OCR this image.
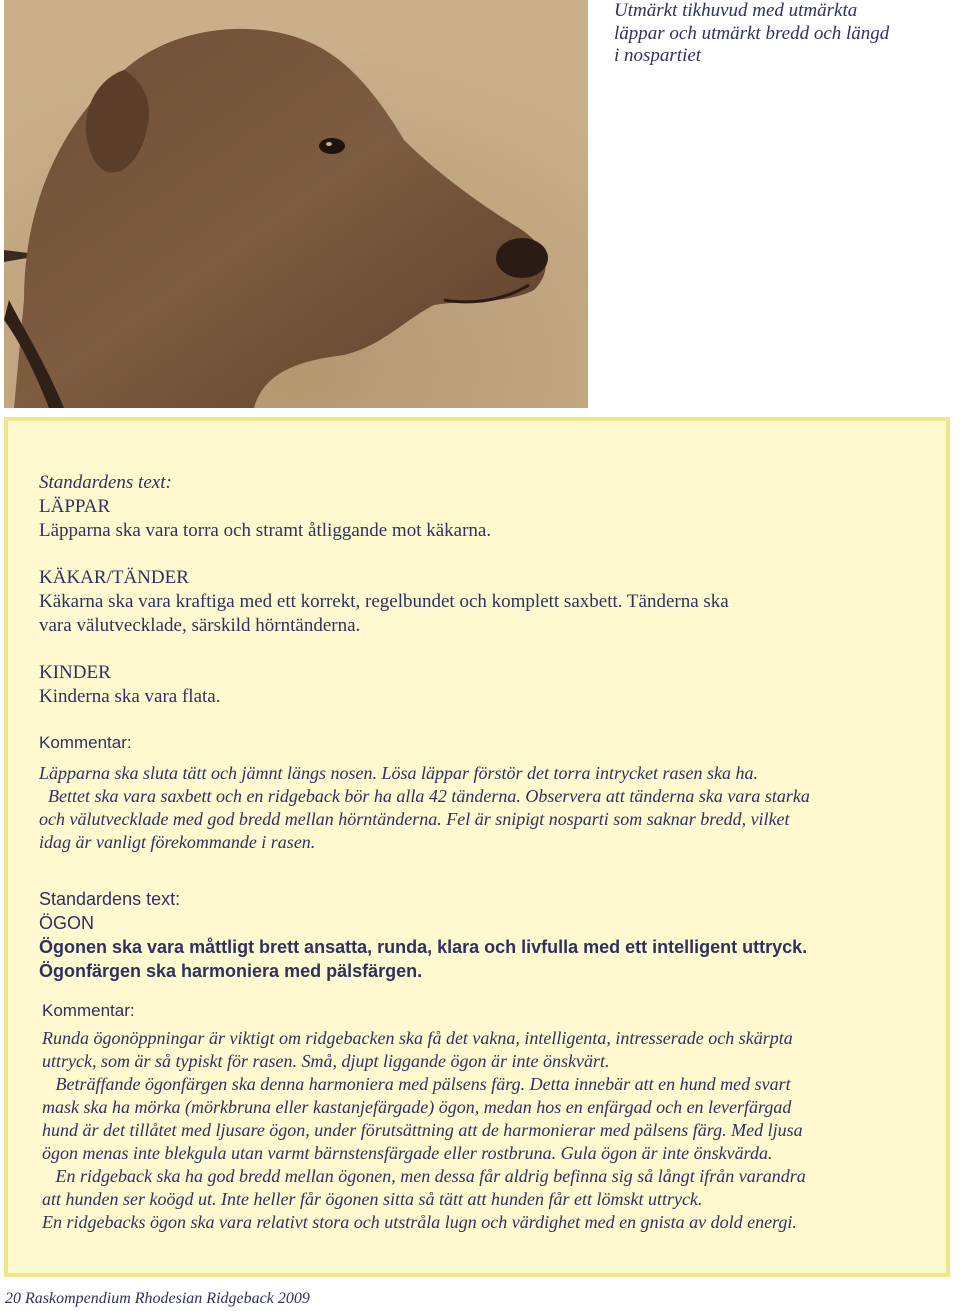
Utmärkt tikhuvud med utmärkta
läppar och utmärkt bredd och längd
i nospartiet
Standardens text:
LÄPPAR
Läpparna ska vara torra och stramt åtliggande mot käkarna.
KÄKAR/TÄNDER
Käkarna ska vara kraftiga med ett korrekt, regelbundet och komplett saxbett. Tänderna ska
vara välutvecklade, särskild hörntänderna.
KINDER
Kinderna ska vara flata.
Kommentar:
Läpparna ska sluta tätt och jämnt längs nosen. Lösa läppar förstör det torra intrycket rasen ska ha.
Bettet ska vara saxbett och en ridgeback bör ha alla 42 tänderna. Observera att tänderna ska vara starka
och välutvecklade med god bredd mellan hörntänderna. Fel är snipigt nosparti som saknar bredd, vilket
idag är vanligt förekommande i rasen.
Standardens text:
ÖGON
Ögonen ska vara måttligt brett ansatta, runda, klara och livfulla med ett intelligent uttryck.
Ögonfärgen ska harmoniera med pälsfärgen.
Kommentar:
Runda ögonöppningar är viktigt om ridgebacken ska få det vakna, intelligenta, intresserade och skärpta
uttryck, som är så typiskt för rasen. Små, djupt liggande ögon är inte önskvärt.
Beträffande ögonfärgen ska denna harmoniera med pälsens färg. Detta innebär att en hund med svart
mask ska ha mörka (mörkbruna eller kastanjefärgade) ögon, medan hos en enfärgad och en leverfärgad
hund är det tillåtet med ljusare ögon, under förutsättning att de harmonierar med pälsens färg. Med ljusa
ögon menas inte blekgula utan varmt bärnstensfärgade eller rostbruna. Gula ögon är inte önskvärda.
En ridgeback ska ha god bredd mellan ögonen, men dessa får aldrig befinna sig så långt ifrån varandra
att hunden ser koögd ut. Inte heller får ögonen sitta så tätt att hunden får ett lömskt uttryck.
En ridgebacks ögon ska vara relativt stora och utstråla lugn och värdighet med en gnista av dold energi.
20 Raskompendium Rhodesian Ridgeback 2009
